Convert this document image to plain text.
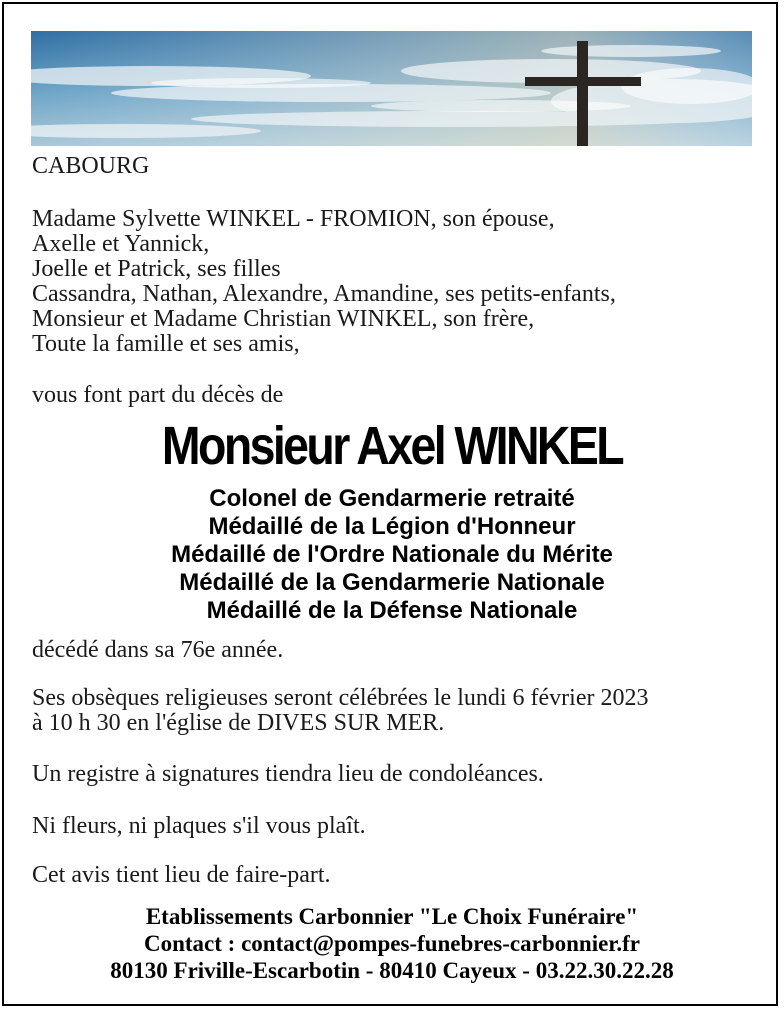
CABOURG
Madame Sylvette WINKEL - FROMION, son épouse,
Axelle et Yannick,
Joelle et Patrick, ses filles
Cassandra, Nathan, Alexandre, Amandine, ses petits-enfants,
Monsieur et Madame Christian WINKEL, son frère,
Toute la famille et ses amis,
vous font part du décès de
Monsieur Axel WINKEL
Colonel de Gendarmerie retraité
Médaillé de la Légion d'Honneur
Médaillé de l'Ordre Nationale du Mérite
Médaillé de la Gendarmerie Nationale
Médaillé de la Défense Nationale
décédé dans sa 76e année.
Ses obsèques religieuses seront célébrées le lundi 6 février 2023
à 10 h 30 en l'église de DIVES SUR MER.
Un registre à signatures tiendra lieu de condoléances.
Ni fleurs, ni plaques s'il vous plaît.
Cet avis tient lieu de faire-part.
Etablissements Carbonnier "Le Choix Funéraire"
Contact : contact@pompes-funebres-carbonnier.fr
80130 Friville-Escarbotin - 80410 Cayeux - 03.22.30.22.28
